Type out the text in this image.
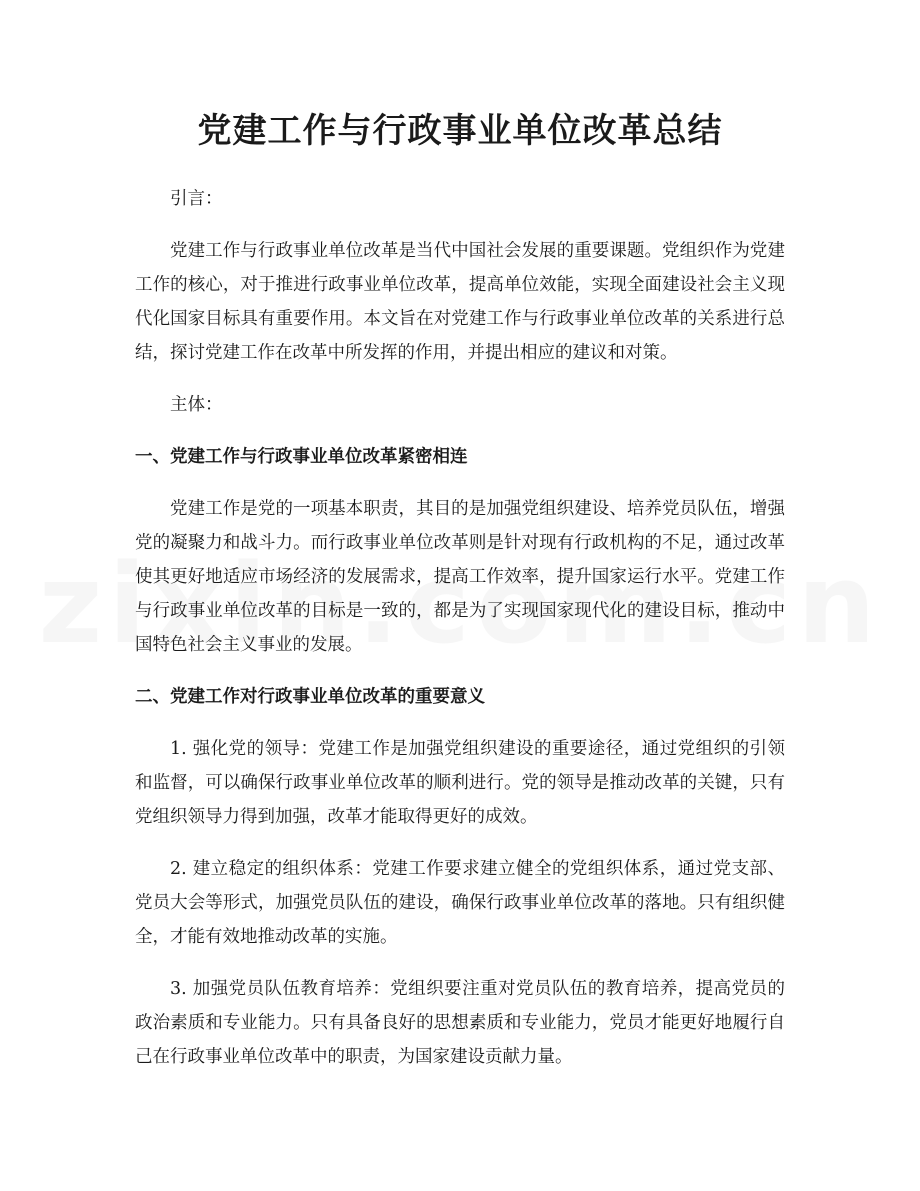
党建工作与行政事业单位改革总结

引言：

党建工作与行政事业单位改革是当代中国社会发展的重要课题。党组织作为党建工作的核心，对于推进行政事业单位改革，提高单位效能，实现全面建设社会主义现代化国家目标具有重要作用。本文旨在对党建工作与行政事业单位改革的关系进行总结，探讨党建工作在改革中所发挥的作用，并提出相应的建议和对策。

主体：

一、党建工作与行政事业单位改革紧密相连

党建工作是党的一项基本职责，其目的是加强党组织建设、培养党员队伍，增强党的凝聚力和战斗力。而行政事业单位改革则是针对现有行政机构的不足，通过改革使其更好地适应市场经济的发展需求，提高工作效率，提升国家运行水平。党建工作与行政事业单位改革的目标是一致的，都是为了实现国家现代化的建设目标，推动中国特色社会主义事业的发展。

二、党建工作对行政事业单位改革的重要意义

1. 强化党的领导：党建工作是加强党组织建设的重要途径，通过党组织的引领和监督，可以确保行政事业单位改革的顺利进行。党的领导是推动改革的关键，只有党组织领导力得到加强，改革才能取得更好的成效。

2. 建立稳定的组织体系：党建工作要求建立健全的党组织体系，通过党支部、党员大会等形式，加强党员队伍的建设，确保行政事业单位改革的落地。只有组织健全，才能有效地推动改革的实施。

3. 加强党员队伍教育培养：党组织要注重对党员队伍的教育培养，提高党员的政治素质和专业能力。只有具备良好的思想素质和专业能力，党员才能更好地履行自己在行政事业单位改革中的职责，为国家建设贡献力量。
